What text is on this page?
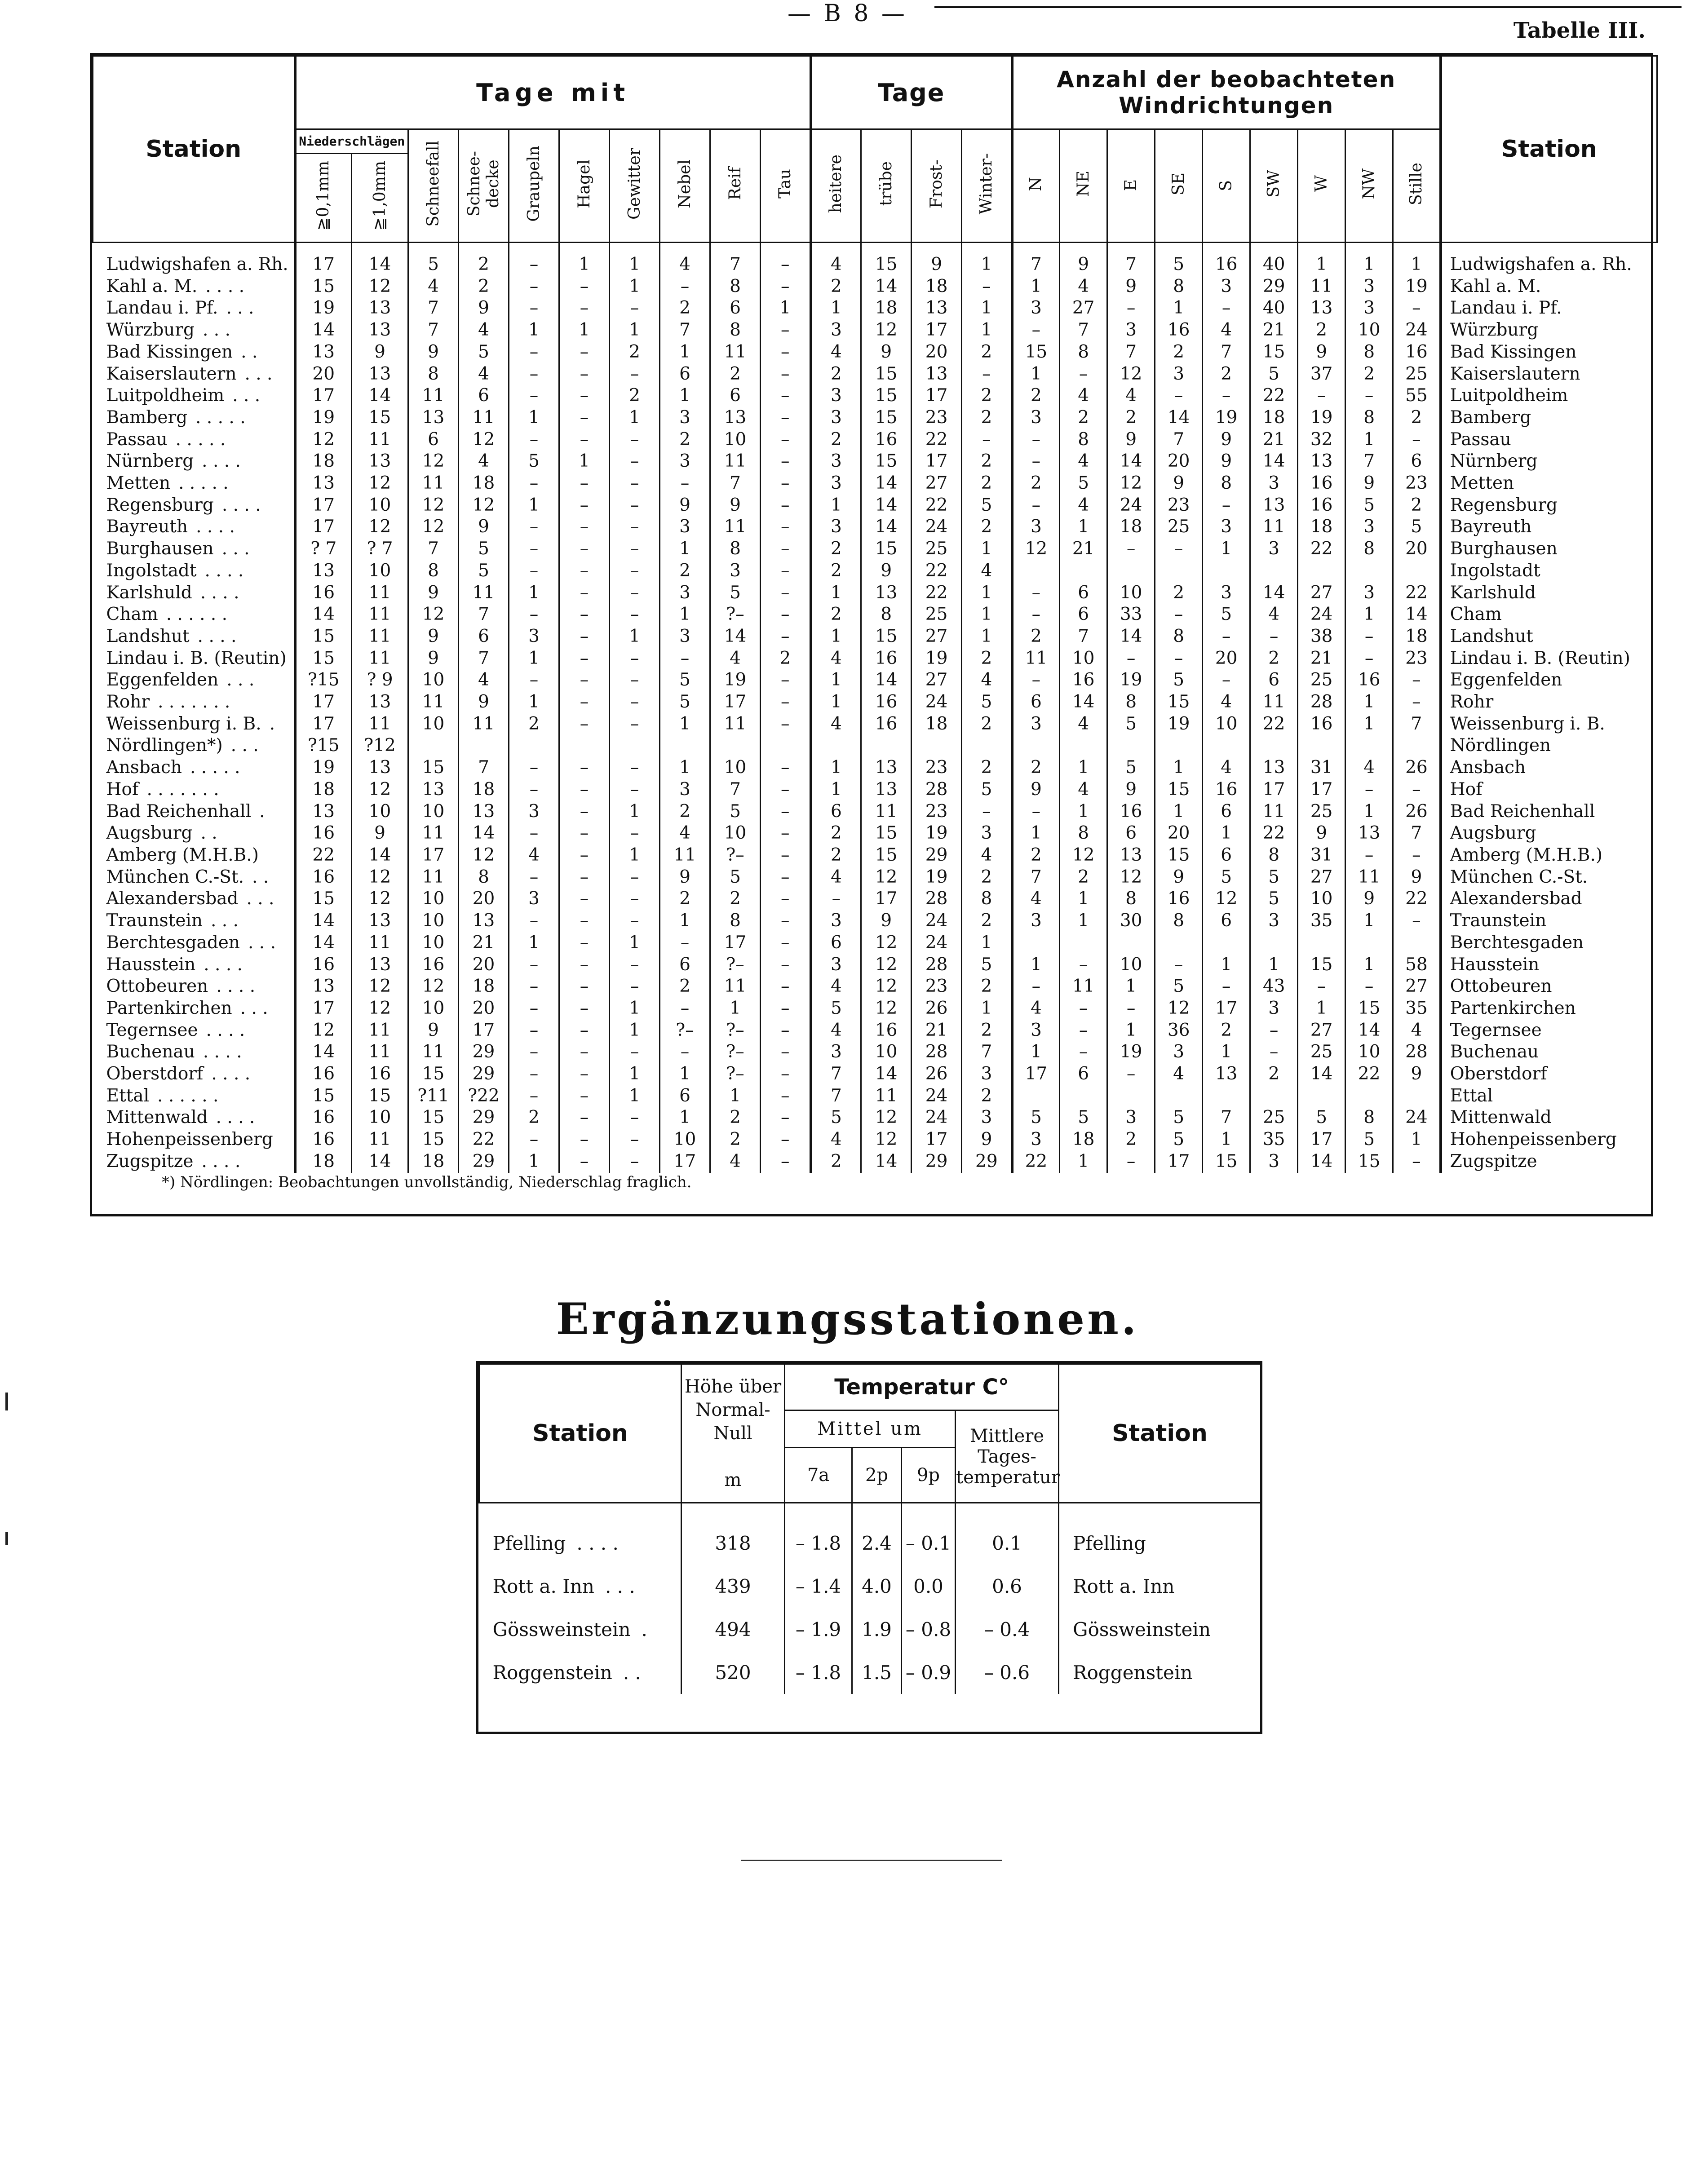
— B 8 —
Tabelle III.
Station	Tage mit										Tage				Anzahl der beobachteten Windrichtungen									Station
	Niederschlägen		Schneefall	Schnee-decke	Graupeln	Hagel	Gewitter	Nebel	Reif	Tau	heitere	trübe	Frost-	Winter-	N	NE	E	SE	S	SW	W	NW	Stille	
	≧0,1mm	≧1,0mm																						
Ludwigshafen a. Rh.	17	14	5	2	–	1	1	4	7	–	4	15	9	1	7	9	7	5	16	40	1	1	1	Ludwigshafen a. Rh.
Kahl a. M. . . . .	15	12	4	2	–	–	1	–	8	–	2	14	18	–	1	4	9	8	3	29	11	3	19	Kahl a. M.
Landau i. Pf. . . .	19	13	7	9	–	–	–	2	6	1	1	18	13	1	3	27	–	1	–	40	13	3	–	Landau i. Pf.
Würzburg . . .	14	13	7	4	1	1	1	7	8	–	3	12	17	1	–	7	3	16	4	21	2	10	24	Würzburg
Bad Kissingen . .	13	9	9	5	–	–	2	1	11	–	4	9	20	2	15	8	7	2	7	15	9	8	16	Bad Kissingen
Kaiserslautern . . .	20	13	8	4	–	–	–	6	2	–	2	15	13	–	1	–	12	3	2	5	37	2	25	Kaiserslautern
Luitpoldheim . . .	17	14	11	6	–	–	2	1	6	–	3	15	17	2	2	4	4	–	–	22	–	–	55	Luitpoldheim
Bamberg . . . . .	19	15	13	11	1	–	1	3	13	–	3	15	23	2	3	2	2	14	19	18	19	8	2	Bamberg
Passau . . . . .	12	11	6	12	–	–	–	2	10	–	2	16	22	–	–	8	9	7	9	21	32	1	–	Passau
Nürnberg . . . .	18	13	12	4	5	1	–	3	11	–	3	15	17	2	–	4	14	20	9	14	13	7	6	Nürnberg
Metten . . . . .	13	12	11	18	–	–	–	–	7	–	3	14	27	2	2	5	12	9	8	3	16	9	23	Metten
Regensburg . . . .	17	10	12	12	1	–	–	9	9	–	1	14	22	5	–	4	24	23	–	13	16	5	2	Regensburg
Bayreuth . . . .	17	12	12	9	–	–	–	3	11	–	3	14	24	2	3	1	18	25	3	11	18	3	5	Bayreuth
Burghausen . . .	? 7	? 7	7	5	–	–	–	1	8	–	2	15	25	1	12	21	–	–	1	3	22	8	20	Burghausen
Ingolstadt . . . .	13	10	8	5	–	–	–	2	3	–	2	9	22	4										Ingolstadt
Karlshuld . . . .	16	11	9	11	1	–	–	3	5	–	1	13	22	1	–	6	10	2	3	14	27	3	22	Karlshuld
Cham . . . . . .	14	11	12	7	–	–	–	1	?–	–	2	8	25	1	–	6	33	–	5	4	24	1	14	Cham
Landshut . . . .	15	11	9	6	3	–	1	3	14	–	1	15	27	1	2	7	14	8	–	–	38	–	18	Landshut
Lindau i. B. (Reutin)	15	11	9	7	1	–	–	–	4	2	4	16	19	2	11	10	–	–	20	2	21	–	23	Lindau i. B. (Reutin)
Eggenfelden . . .	?15	? 9	10	4	–	–	–	5	19	–	1	14	27	4	–	16	19	5	–	6	25	16	–	Eggenfelden
Rohr . . . . . . .	17	13	11	9	1	–	–	5	17	–	1	16	24	5	6	14	8	15	4	11	28	1	–	Rohr
Weissenburg i. B. .	17	11	10	11	2	–	–	1	11	–	4	16	18	2	3	4	5	19	10	22	16	1	7	Weissenburg i. B.
Nördlingen*) . . .	?15	?12																						Nördlingen
Ansbach . . . . .	19	13	15	7	–	–	–	1	10	–	1	13	23	2	2	1	5	1	4	13	31	4	26	Ansbach
Hof . . . . . . .	18	12	13	18	–	–	–	3	7	–	1	13	28	5	9	4	9	15	16	17	17	–	–	Hof
Bad Reichenhall .	13	10	10	13	3	–	1	2	5	–	6	11	23	–	–	1	16	1	6	11	25	1	26	Bad Reichenhall
Augsburg . .	16	9	11	14	–	–	–	4	10	–	2	15	19	3	1	8	6	20	1	22	9	13	7	Augsburg
Amberg (M.H.B.)	22	14	17	12	4	–	1	11	?–	–	2	15	29	4	2	12	13	15	6	8	31	–	–	Amberg (M.H.B.)
München C.-St. . .	16	12	11	8	–	–	–	9	5	–	4	12	19	2	7	2	12	9	5	5	27	11	9	München C.-St.
Alexandersbad . . .	15	12	10	20	3	–	–	2	2	–	–	17	28	8	4	1	8	16	12	5	10	9	22	Alexandersbad
Traunstein . . .	14	13	10	13	–	–	–	1	8	–	3	9	24	2	3	1	30	8	6	3	35	1	–	Traunstein
Berchtesgaden . . .	14	11	10	21	1	–	1	–	17	–	6	12	24	1										Berchtesgaden
Hausstein . . . .	16	13	16	20	–	–	–	6	?–	–	3	12	28	5	1	–	10	–	1	1	15	1	58	Hausstein
Ottobeuren . . . .	13	12	12	18	–	–	–	2	11	–	4	12	23	2	–	11	1	5	–	43	–	–	27	Ottobeuren
Partenkirchen . . .	17	12	10	20	–	–	1	–	1	–	5	12	26	1	4	–	–	12	17	3	1	15	35	Partenkirchen
Tegernsee . . . .	12	11	9	17	–	–	1	?–	?–	–	4	16	21	2	3	–	1	36	2	–	27	14	4	Tegernsee
Buchenau . . . .	14	11	11	29	–	–	–	–	?–	–	3	10	28	7	1	–	19	3	1	–	25	10	28	Buchenau
Oberstdorf . . . .	16	16	15	29	–	–	1	1	?–	–	7	14	26	3	17	6	–	4	13	2	14	22	9	Oberstdorf
Ettal . . . . . .	15	15	?11	?22	–	–	1	6	1	–	7	11	24	2										Ettal
Mittenwald . . . .	16	10	15	29	2	–	–	1	2	–	5	12	24	3	5	5	3	5	7	25	5	8	24	Mittenwald
Hohenpeissenberg	16	11	15	22	–	–	–	10	2	–	4	12	17	9	3	18	2	5	1	35	17	5	1	Hohenpeissenberg
Zugspitze . . . .	18	14	18	29	1	–	–	17	4	–	2	14	29	29	22	1	–	17	15	3	14	15	–	Zugspitze
*) Nördlingen: Beobachtungen unvollständig, Niederschlag fraglich.
Ergänzungsstationen.
Station	Höhe über Normal-Null

m	Temperatur C°				Station
		Mittel um			Mittlere Tages-temperatur	
		7a	2p	9p		
Pfelling . . . .	318	– 1.8	2.4	– 0.1	0.1	Pfelling
Rott a. Inn . . .	439	– 1.4	4.0	0.0	0.6	Rott a. Inn
Gössweinstein .	494	– 1.9	1.9	– 0.8	– 0.4	Gössweinstein
Roggenstein . .	520	– 1.8	1.5	– 0.9	– 0.6	Roggenstein
